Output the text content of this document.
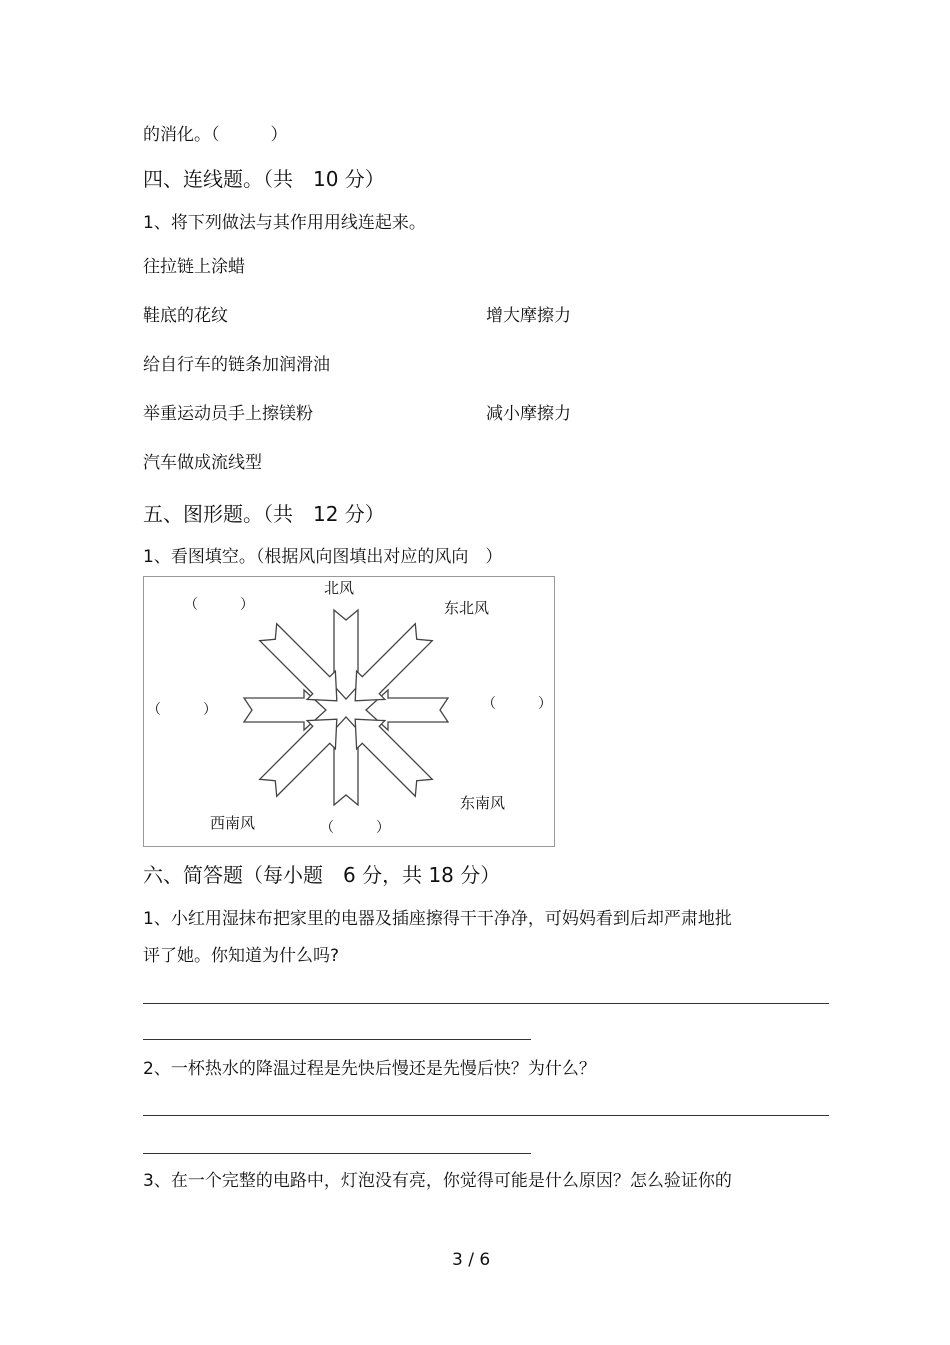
的消化。（　　　）
四、连线题。（共　10 分）
1、将下列做法与其作用用线连起来。
往拉链上涂蜡
鞋底的花纹	增大摩擦力
给自行车的链条加润滑油
举重运动员手上擦镁粉	减小摩擦力
汽车做成流线型
五、图形题。（共　12 分）
1、看图填空。（根据风向图填出对应的风向　）
北风
东北风
东南风
西南风
（　　　）
（　　　）	（　　　）
（　　　）
六、简答题（每小题　6 分，共 18 分）
1、小红用湿抹布把家里的电器及插座擦得干干净净，可妈妈看到后却严肃地批
评了她。你知道为什么吗?
2、一杯热水的降温过程是先快后慢还是先慢后快？为什么？
3、在一个完整的电路中，灯泡没有亮，你觉得可能是什么原因？怎么验证你的
3 / 6
